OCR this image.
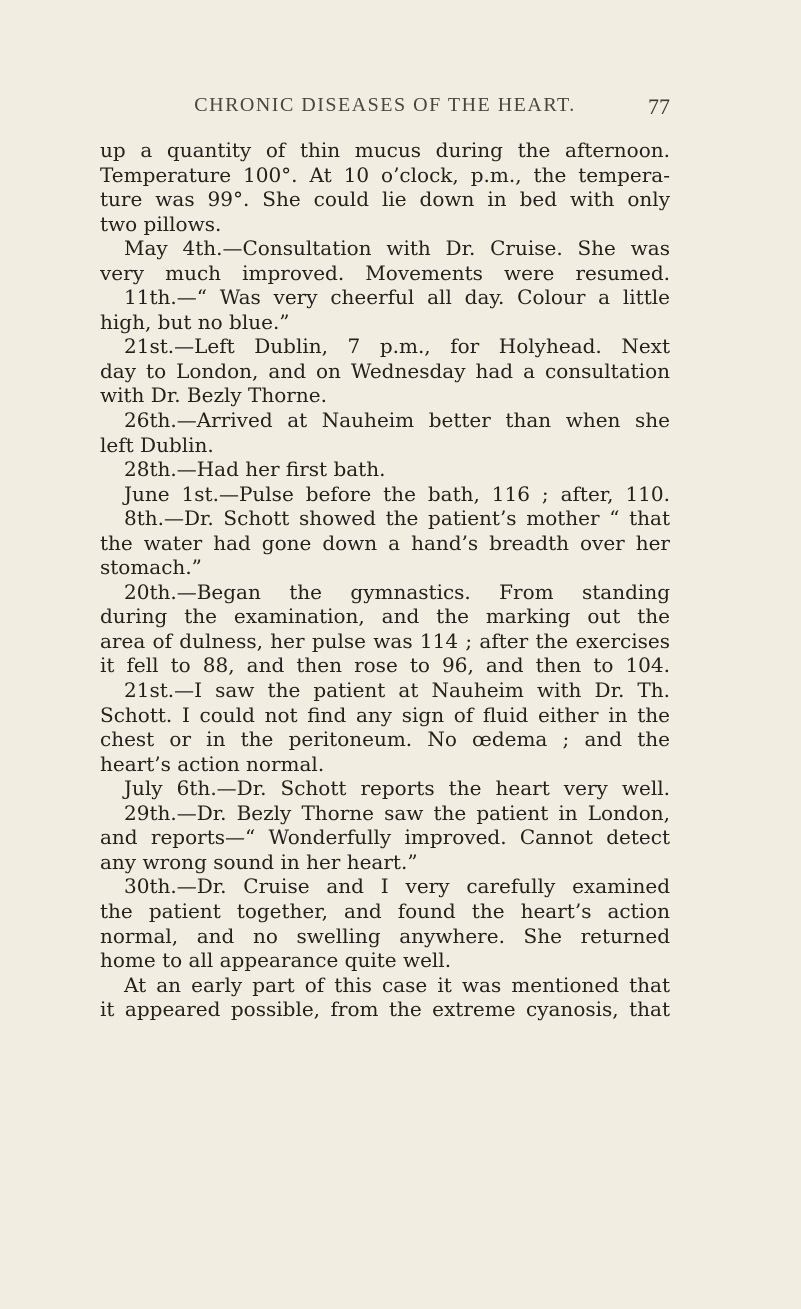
CHRONIC DISEASES OF THE HEART.	77
up a quantity of thin mucus during the afternoon.
Temperature 100°. At 10 o’clock, p.m., the tempera-
ture was 99°. She could lie down in bed with only
two pillows.
May 4th.—Consultation with Dr. Cruise. She was
very much improved. Movements were resumed.
11th.—“ Was very cheerful all day. Colour a little
high, but no blue.”
21st.—Left Dublin, 7 p.m., for Holyhead. Next
day to London, and on Wednesday had a consultation
with Dr. Bezly Thorne.
26th.—Arrived at Nauheim better than when she
left Dublin.
28th.—Had her first bath.
June 1st.—Pulse before the bath, 116 ; after, 110.
8th.—Dr. Schott showed the patient’s mother “ that
the water had gone down a hand’s breadth over her
stomach.”
20th.—Began the gymnastics. From standing
during the examination, and the marking out the
area of dulness, her pulse was 114 ; after the exercises
it fell to 88, and then rose to 96, and then to 104.
21st.—I saw the patient at Nauheim with Dr. Th.
Schott. I could not find any sign of fluid either in the
chest or in the peritoneum. No œdema ; and the
heart’s action normal.
July 6th.—Dr. Schott reports the heart very well.
29th.—Dr. Bezly Thorne saw the patient in London,
and reports—“ Wonderfully improved. Cannot detect
any wrong sound in her heart.”
30th.—Dr. Cruise and I very carefully examined
the patient together, and found the heart’s action
normal, and no swelling anywhere. She returned
home to all appearance quite well.
At an early part of this case it was mentioned that
it appeared possible, from the extreme cyanosis, that
